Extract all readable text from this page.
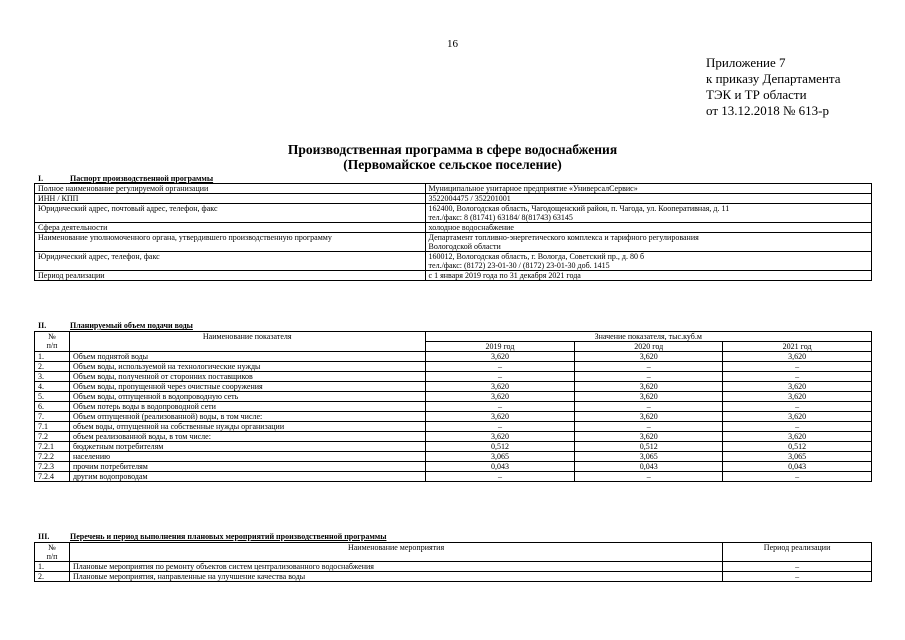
16
Приложение 7
к приказу Департамента
ТЭК и ТР области
от 13.12.2018 № 613-р
Производственная программа в сфере водоснабжения
(Первомайское сельское поселение)
I.	Паспорт производственной программы
Полное наименование регулируемой организации	Муниципальное унитарное предприятие «УниверсалСервис»
ИНН / КПП	3522004475 / 352201001
Юридический адрес, почтовый адрес, телефон, факс	162400, Вологодская область, Чагодощенский район, п. Чагода, ул. Кооперативная, д. 11
тел./факс: 8 (81741) 63184/ 8(81743) 63145

Сфера деятельности	холодное водоснабжение
Наименование уполномоченного органа, утвердившего производственную программу	Департамент топливно-энергетического комплекса и тарифного регулирования
Вологодской области

Юридический адрес, телефон, факс	160012, Вологодская область, г. Вологда, Советский пр., д. 80 б
тел./факс: (8172) 23-01-30 / (8172) 23-01-30 доб. 1415

Период реализации	с 1 января 2019 года по 31 декабря 2021 года
II.	Планируемый объем подачи воды
№
п/п	Наименование показателя	Значение показателя, тыс.куб.м		
		2019 год	2020 год	2021 год
1.	Объем поднятой воды	3,620	3,620	3,620
2.	Объем воды, используемой на технологические нужды	–	–	–
3.	Объем воды, полученной от сторонних поставщиков	–	–	–
4.	Объем воды, пропущенной через очистные сооружения	3,620	3,620	3,620
5.	Объем воды, отпущенной в водопроводную сеть	3,620	3,620	3,620
6.	Объем потерь воды в водопроводной сети	–	–	–
7.	Объем отпущенной (реализованной) воды, в том числе:	3,620	3,620	3,620
7.1	объем воды, отпущенной на собственные нужды организации	–	–	–
7.2	объем реализованной воды, в том числе:	3,620	3,620	3,620
7.2.1	бюджетным потребителям	0,512	0,512	0,512
7.2.2	населению	3,065	3,065	3,065
7.2.3	прочим потребителям	0,043	0,043	0,043
7.2.4	другим водопроводам	–	–	–
III.	Перечень и период выполнения плановых мероприятий производственной программы
№
п/п	Наименование мероприятия	Период реализации
1.	Плановые мероприятия по ремонту объектов систем централизованного водоснабжения	–
2.	Плановые мероприятия, направленные на улучшение качества воды	–
